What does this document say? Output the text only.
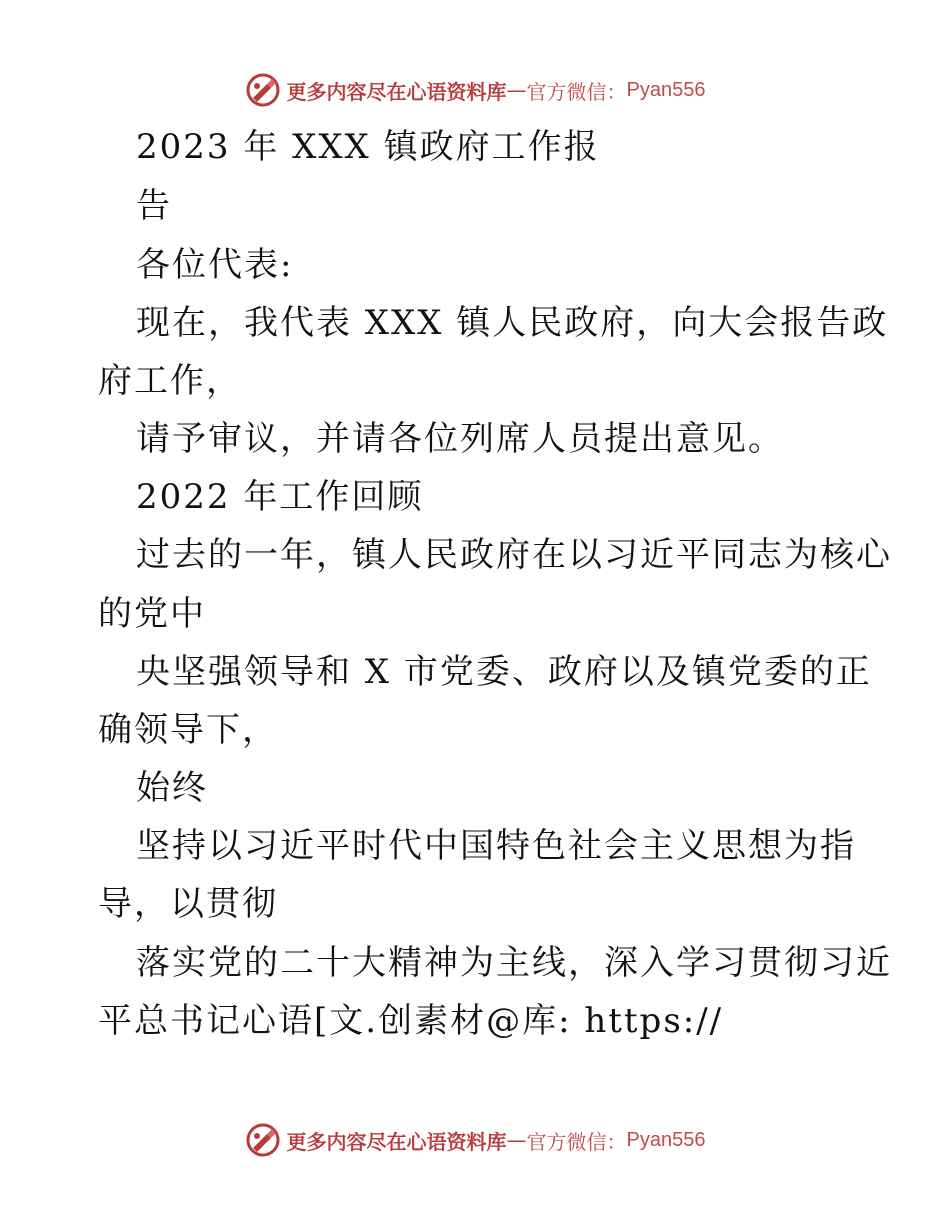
更多内容尽在心语资料库 — 官方微信： Pyan556
2023 年 XXX 镇政府工作报
告
各位代表:
现在，我代表 XXX 镇人民政府，向大会报告政
府工作，
请予审议，并请各位列席人员提出意见。
2022 年工作回顾
过去的一年，镇人民政府在以习近平同志为核心
的党中
央坚强领导和 X 市党委、政府以及镇党委的正
确领导下，
始终
坚持以习近平时代中国特色社会主义思想为指
导，以贯彻
落实党的二十大精神为主线，深入学习贯彻习近
平总书记心语[文.创素材@库: https://
更多内容尽在心语资料库 — 官方微信： Pyan556
